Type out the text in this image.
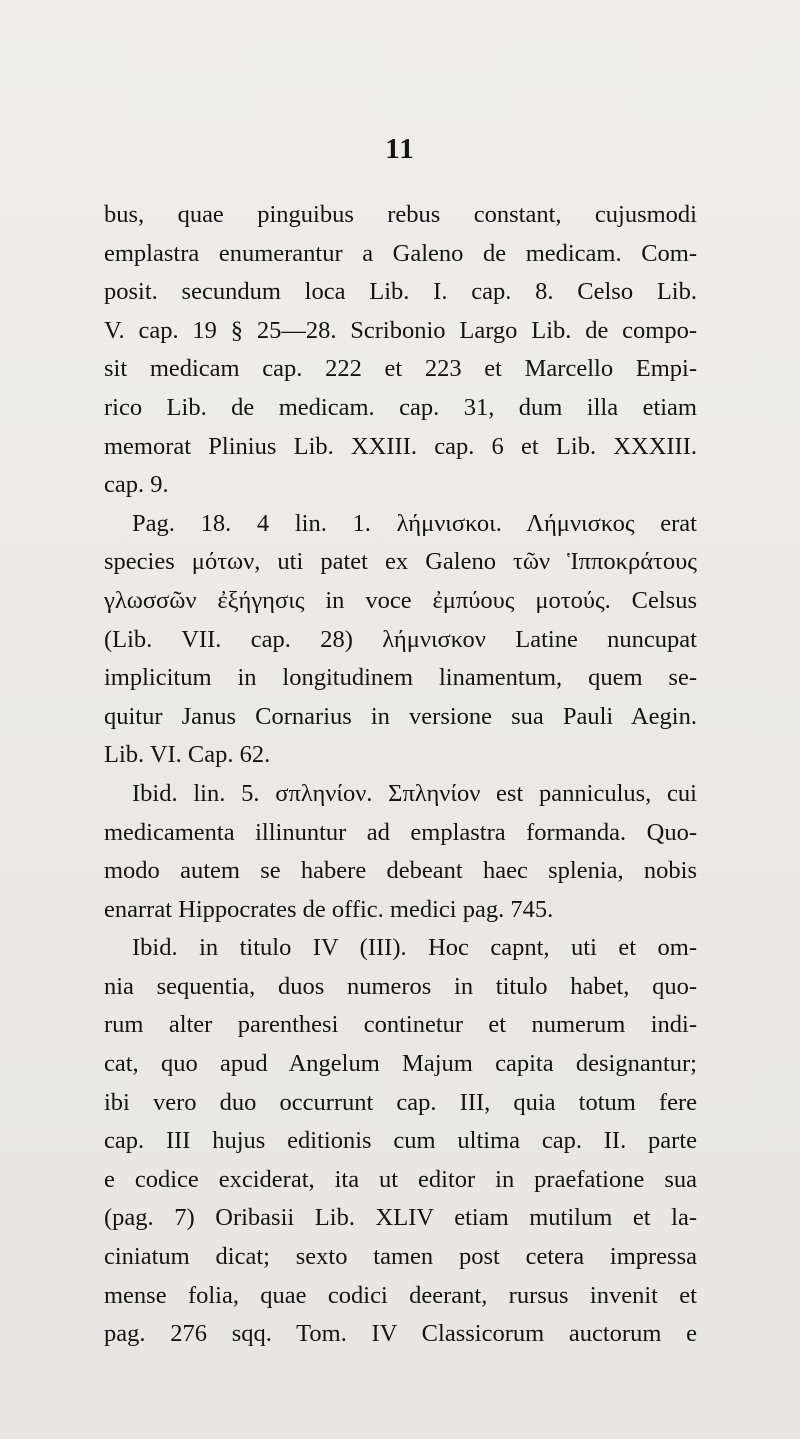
11

bus, quae pinguibus rebus constant, cujusmodi
emplastra enumerantur a Galeno de medicam. Com-
posit. secundum loca Lib. I. cap. 8. Celso Lib.
V. cap. 19 § 25—28. Scribonio Largo Lib. de compo-
sit medicam cap. 222 et 223 et Marcello Empi-
rico Lib. de medicam. cap. 31, dum illa etiam
memorat Plinius Lib. XXIII. cap. 6 et Lib. XXXIII.
cap. 9.
Pag. 18. 4 lin. 1. λήμνισκοι. Λήμνισκος erat
species μότων, uti patet ex Galeno τῶν Ἱπποκράτους
γλωσσῶν ἐξήγησις in voce ἐμπύους μοτούς. Celsus
(Lib. VII. cap. 28) λήμνισκον Latine nuncupat
implicitum in longitudinem linamentum, quem se-
quitur Janus Cornarius in versione sua Pauli Aegin.
Lib. VI. Cap. 62.
Ibid. lin. 5. σπληνίον. Σπληνίον est panniculus, cui
medicamenta illinuntur ad emplastra formanda. Quo-
modo autem se habere debeant haec splenia, nobis
enarrat Hippocrates de offic. medici pag. 745.
Ibid. in titulo IV (III). Hoc capnt, uti et om-
nia sequentia, duos numeros in titulo habet, quo-
rum alter parenthesi continetur et numerum indi-
cat, quo apud Angelum Majum capita designantur;
ibi vero duo occurrunt cap. III, quia totum fere
cap. III hujus editionis cum ultima cap. II. parte
e codice exciderat, ita ut editor in praefatione sua
(pag. 7) Oribasii Lib. XLIV etiam mutilum et la-
ciniatum dicat; sexto tamen post cetera impressa
mense folia, quae codici deerant, rursus invenit et
pag. 276 sqq. Tom. IV Classicorum auctorum e
